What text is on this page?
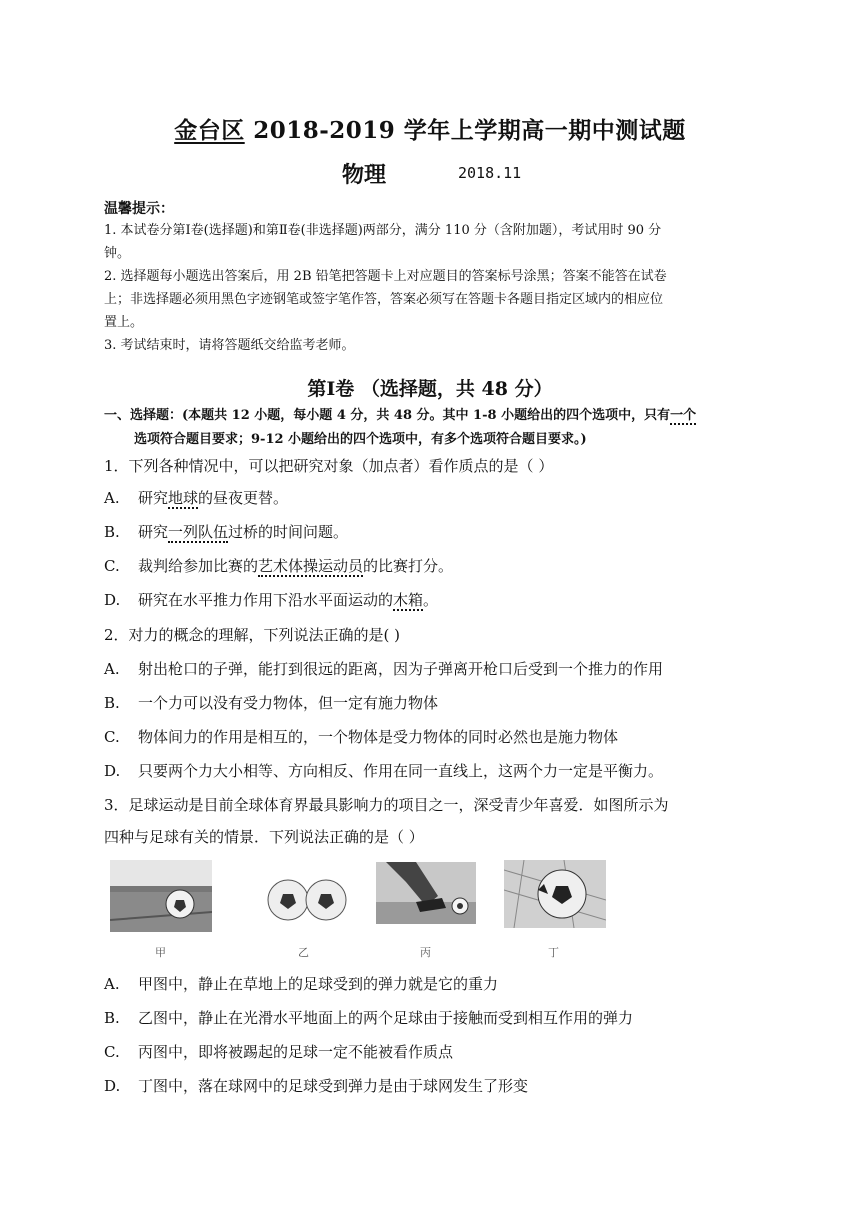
金台区 2018-2019 学年上学期高一期中测试题
物理	2018.11
温馨提示：
1. 本试卷分第Ⅰ卷(选择题)和第Ⅱ卷(非选择题)两部分，满分 110 分（含附加题），考试用时 90 分
钟。
2. 选择题每小题选出答案后，用 2B 铅笔把答题卡上对应题目的答案标号涂黑；答案不能答在试卷
上；非选择题必须用黑色字迹钢笔或签字笔作答，答案必须写在答题卡各题目指定区域内的相应位
置上。
3. 考试结束时，请将答题纸交给监考老师。
第Ⅰ卷 （选择题，共 48 分）
一、选择题：(本题共 12 小题，每小题 4 分，共 48 分。其中 1-8 小题给出的四个选项中，只有一个
选项符合题目要求；9-12 小题给出的四个选项中，有多个选项符合题目要求。)
1．下列各种情况中，可以把研究对象（加点者）看作质点的是（ ）
A. 研究地球的昼夜更替。
B. 研究一列队伍过桥的时间问题。
C. 裁判给参加比赛的艺术体操运动员的比赛打分。
D. 研究在水平推力作用下沿水平面运动的木箱。
2．对力的概念的理解，下列说法正确的是( )
A. 射出枪口的子弹，能打到很远的距离，因为子弹离开枪口后受到一个推力的作用
B. 一个力可以没有受力物体，但一定有施力物体
C. 物体间力的作用是相互的，一个物体是受力物体的同时必然也是施力物体
D. 只要两个力大小相等、方向相反、作用在同一直线上，这两个力一定是平衡力。
3．足球运动是目前全球体育界最具影响力的项目之一，深受青少年喜爱．如图所示为
四种与足球有关的情景．下列说法正确的是（ ）
甲	乙	丙	丁
A. 甲图中，静止在草地上的足球受到的弹力就是它的重力
B. 乙图中，静止在光滑水平地面上的两个足球由于接触而受到相互作用的弹力
C. 丙图中，即将被踢起的足球一定不能被看作质点
D. 丁图中，落在球网中的足球受到弹力是由于球网发生了形变
